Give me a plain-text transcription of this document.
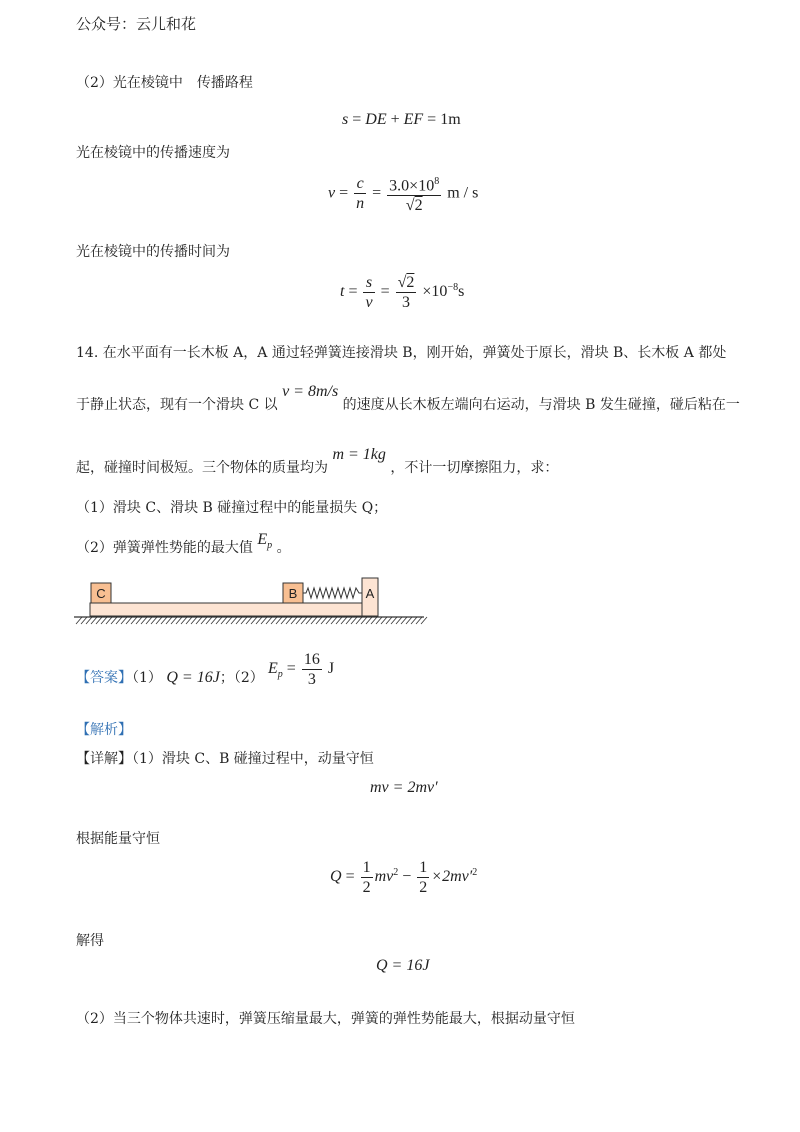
公众号：云儿和花
（2）光在棱镜中　传播路程
s = DE + EF = 1m
光在棱镜中的传播速度为
$v = \frac{c}{n} = \frac{3.0\times 10^8}{√2}$ m / s
光在棱镜中的传播时间为
$t = \frac{s}{v} = \frac{√2}{3} \times 10^{-8}s$
14. 在水平面有一长木板 A，A 通过轻弹簧连接滑块 B，刚开始，弹簧处于原长，滑块 B、长木板 A 都处
于静止状态，现有一个滑块 C 以 v = 8m/s 的速度从长木板左端向右运动，与滑块 B 发生碰撞，碰后粘在一
起，碰撞时间极短。三个物体的质量均为 m = 1kg ，不计一切摩擦阻力，求：
（1）滑块 C、滑块 B 碰撞过程中的能量损失 Q；
（2）弹簧弹性势能的最大值 $E_p$ 。
C	B	A
【答案】（1） Q = 16J；（2）
$E_p = \frac{16}{3}$ J
【解析】
【详解】（1）滑块 C、B 碰撞过程中，动量守恒
mv = 2mv′
根据能量守恒
$Q = \frac{1}{2} mv^2 - \frac{1}{2} \times 2mv'^2$
解得
Q = 16J
（2）当三个物体共速时，弹簧压缩量最大，弹簧的弹性势能最大，根据动量守恒
